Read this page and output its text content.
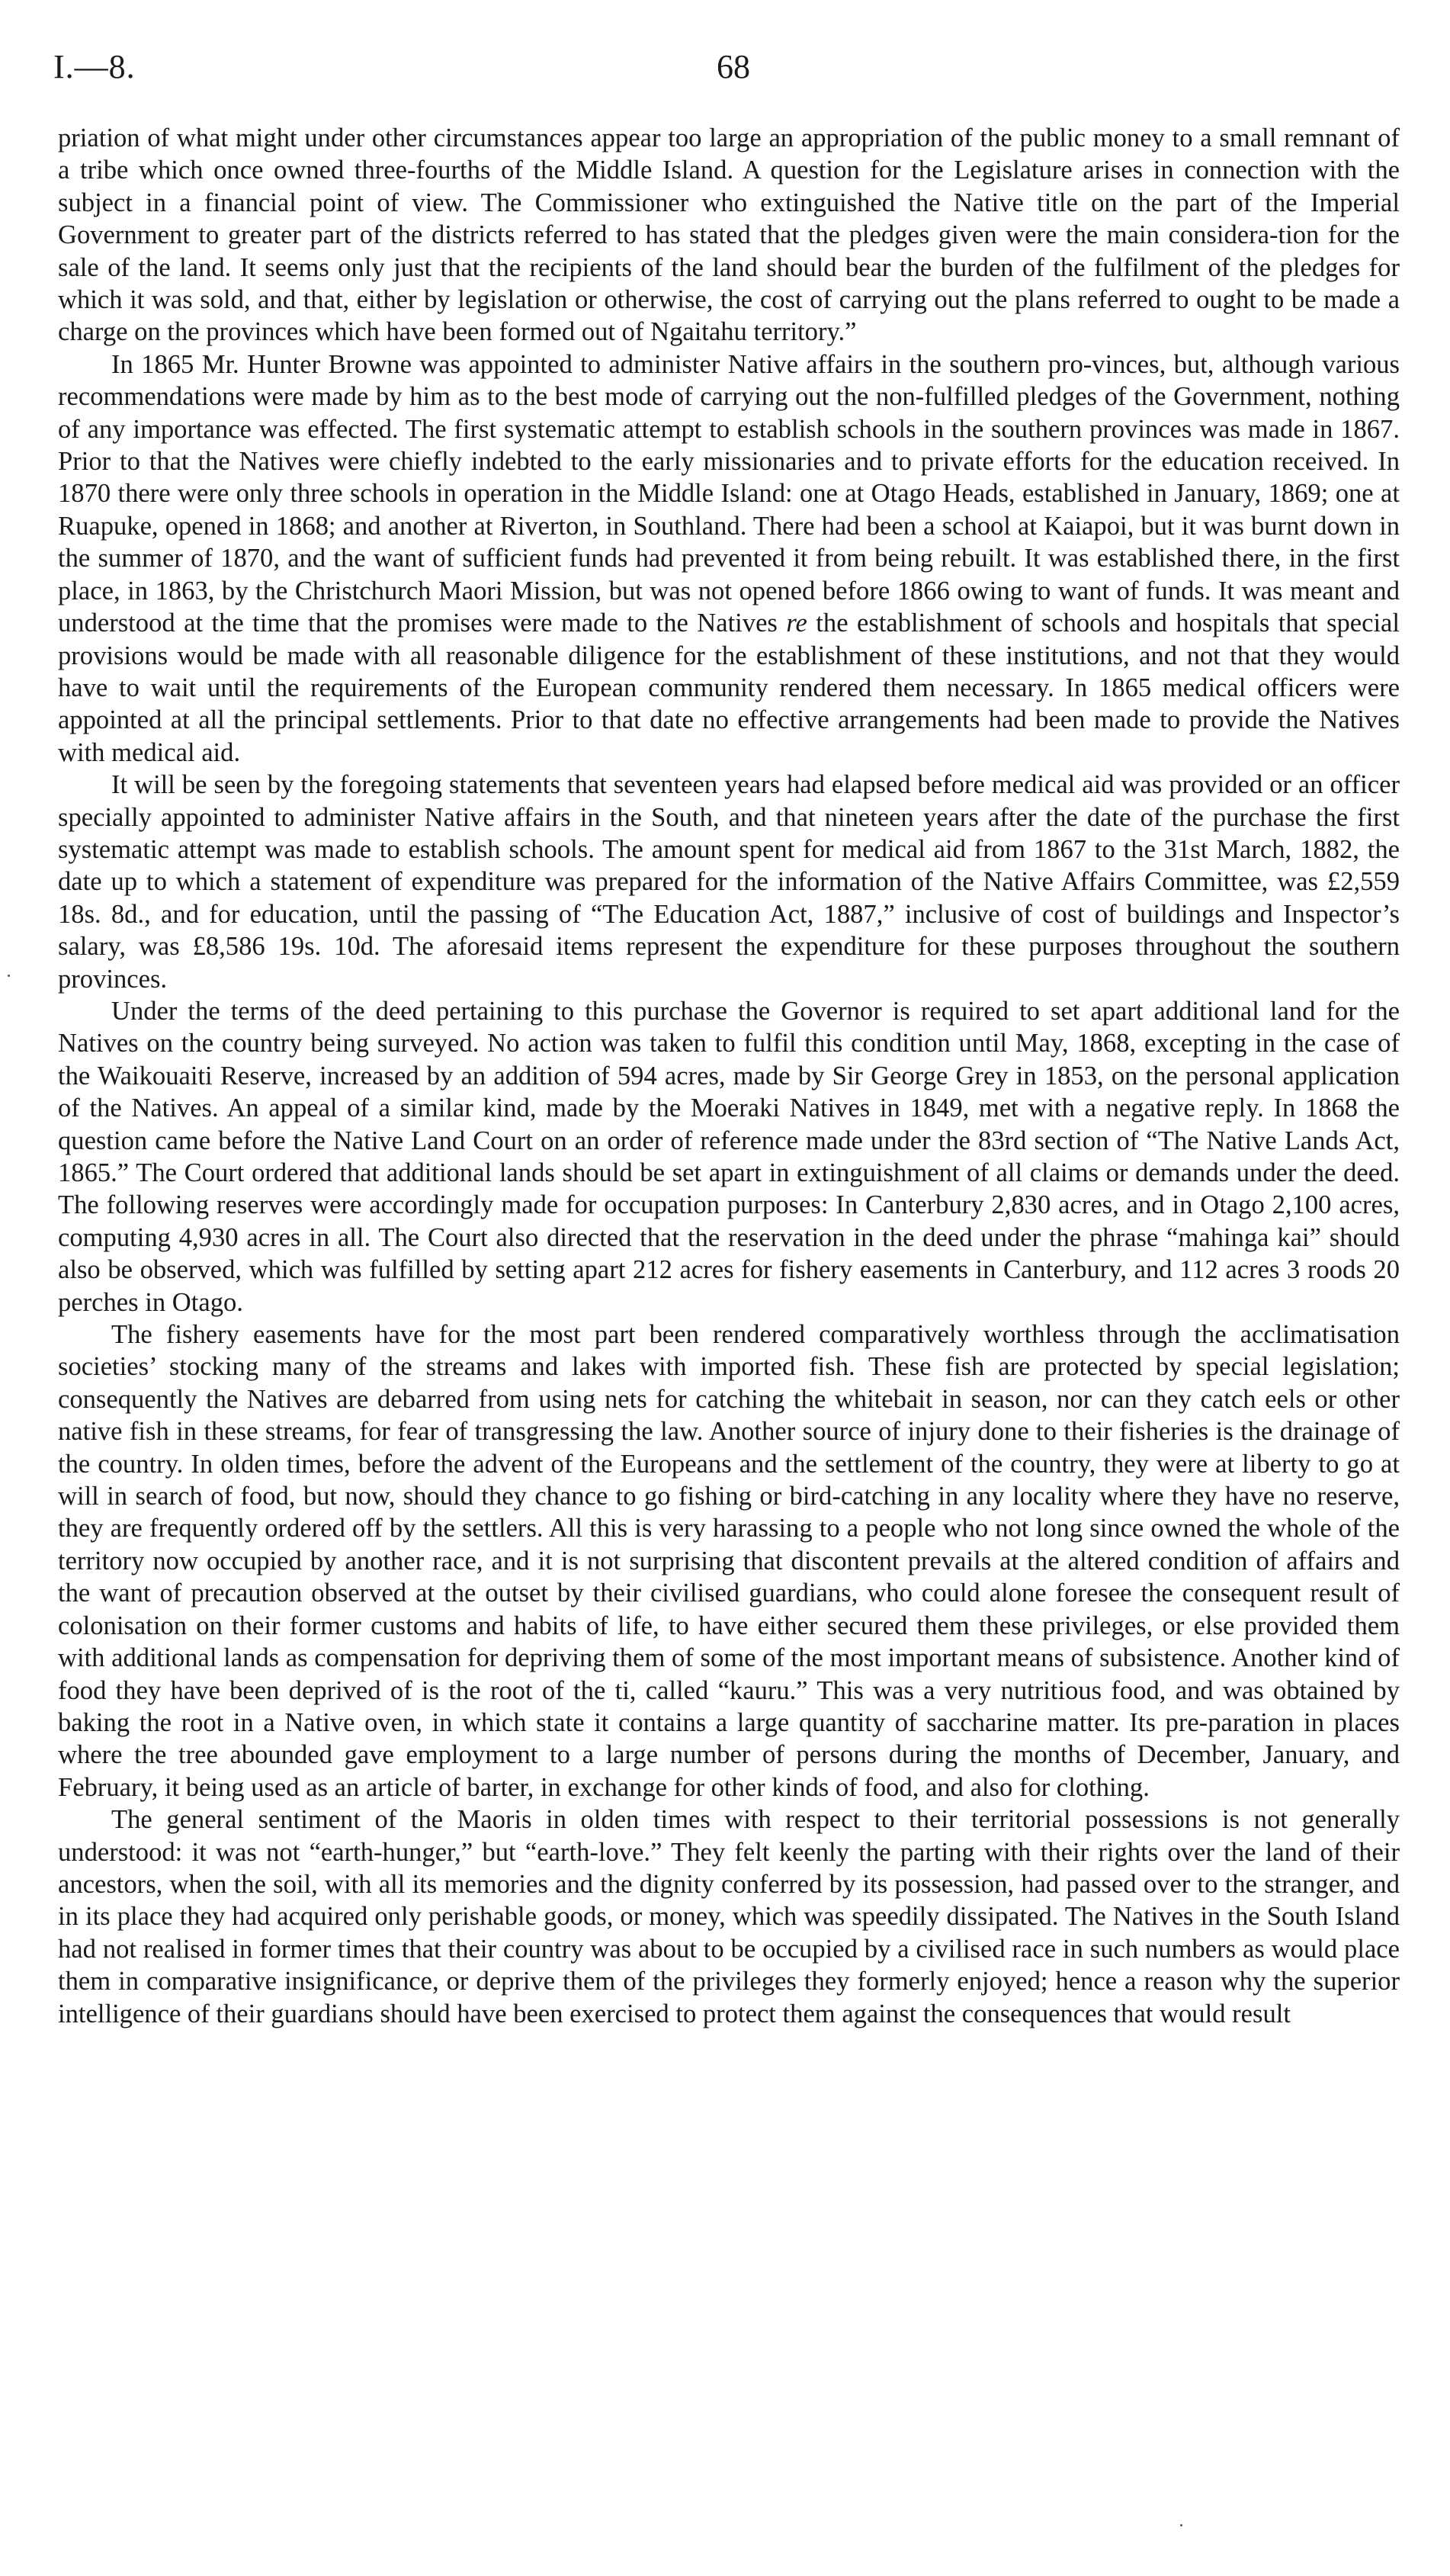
I.—8.	68

priation of what might under other circumstances appear too large an appropriation of the public money to a small remnant of a tribe which once owned three-fourths of the Middle Island. A question for the Legislature arises in connection with the subject in a financial point of view. The Commissioner who extinguished the Native title on the part of the Imperial Government to greater part of the districts referred to has stated that the pledges given were the main considera-tion for the sale of the land. It seems only just that the recipients of the land should bear the burden of the fulfilment of the pledges for which it was sold, and that, either by legislation or otherwise, the cost of carrying out the plans referred to ought to be made a charge on the provinces which have been formed out of Ngaitahu territory.”

In 1865 Mr. Hunter Browne was appointed to administer Native affairs in the southern pro-vinces, but, although various recommendations were made by him as to the best mode of carrying out the non-fulfilled pledges of the Government, nothing of any importance was effected. The first systematic attempt to establish schools in the southern provinces was made in 1867. Prior to that the Natives were chiefly indebted to the early missionaries and to private efforts for the education received. In 1870 there were only three schools in operation in the Middle Island: one at Otago Heads, established in January, 1869; one at Ruapuke, opened in 1868; and another at Riverton, in Southland. There had been a school at Kaiapoi, but it was burnt down in the summer of 1870, and the want of sufficient funds had prevented it from being rebuilt. It was established there, in the first place, in 1863, by the Christchurch Maori Mission, but was not opened before 1866 owing to want of funds. It was meant and understood at the time that the promises were made to the Natives re the establishment of schools and hospitals that special provisions would be made with all reasonable diligence for the establishment of these institutions, and not that they would have to wait until the requirements of the European community rendered them necessary. In 1865 medical officers were appointed at all the principal settlements. Prior to that date no effective arrangements had been made to provide the Natives with medical aid.

It will be seen by the foregoing statements that seventeen years had elapsed before medical aid was provided or an officer specially appointed to administer Native affairs in the South, and that nineteen years after the date of the purchase the first systematic attempt was made to establish schools. The amount spent for medical aid from 1867 to the 31st March, 1882, the date up to which a statement of expenditure was prepared for the information of the Native Affairs Committee, was £2,559 18s. 8d., and for education, until the passing of “The Education Act, 1887,” inclusive of cost of buildings and Inspector’s salary, was £8,586 19s. 10d. The aforesaid items represent the expenditure for these purposes throughout the southern provinces.

Under the terms of the deed pertaining to this purchase the Governor is required to set apart additional land for the Natives on the country being surveyed. No action was taken to fulfil this condition until May, 1868, excepting in the case of the Waikouaiti Reserve, increased by an addition of 594 acres, made by Sir George Grey in 1853, on the personal application of the Natives. An appeal of a similar kind, made by the Moeraki Natives in 1849, met with a negative reply. In 1868 the question came before the Native Land Court on an order of reference made under the 83rd section of “The Native Lands Act, 1865.” The Court ordered that additional lands should be set apart in extinguishment of all claims or demands under the deed. The following reserves were accordingly made for occupation purposes: In Canterbury 2,830 acres, and in Otago 2,100 acres, computing 4,930 acres in all. The Court also directed that the reservation in the deed under the phrase “mahinga kai” should also be observed, which was fulfilled by setting apart 212 acres for fishery easements in Canterbury, and 112 acres 3 roods 20 perches in Otago.

The fishery easements have for the most part been rendered comparatively worthless through the acclimatisation societies’ stocking many of the streams and lakes with imported fish. These fish are protected by special legislation; consequently the Natives are debarred from using nets for catching the whitebait in season, nor can they catch eels or other native fish in these streams, for fear of transgressing the law. Another source of injury done to their fisheries is the drainage of the country. In olden times, before the advent of the Europeans and the settlement of the country, they were at liberty to go at will in search of food, but now, should they chance to go fishing or bird-catching in any locality where they have no reserve, they are frequently ordered off by the settlers. All this is very harassing to a people who not long since owned the whole of the territory now occupied by another race, and it is not surprising that discontent prevails at the altered condition of affairs and the want of precaution observed at the outset by their civilised guardians, who could alone foresee the consequent result of colonisation on their former customs and habits of life, to have either secured them these privileges, or else provided them with additional lands as compensation for depriving them of some of the most important means of subsistence. Another kind of food they have been deprived of is the root of the ti, called “kauru.” This was a very nutritious food, and was obtained by baking the root in a Native oven, in which state it contains a large quantity of saccharine matter. Its pre-paration in places where the tree abounded gave employment to a large number of persons during the months of December, January, and February, it being used as an article of barter, in exchange for other kinds of food, and also for clothing.

The general sentiment of the Maoris in olden times with respect to their territorial possessions is not generally understood: it was not “earth-hunger,” but “earth-love.” They felt keenly the parting with their rights over the land of their ancestors, when the soil, with all its memories and the dignity conferred by its possession, had passed over to the stranger, and in its place they had acquired only perishable goods, or money, which was speedily dissipated. The Natives in the South Island had not realised in former times that their country was about to be occupied by a civilised race in such numbers as would place them in comparative insignificance, or deprive them of the privileges they formerly enjoyed; hence a reason why the superior intelligence of their guardians should have been exercised to protect them against the consequences that would result
